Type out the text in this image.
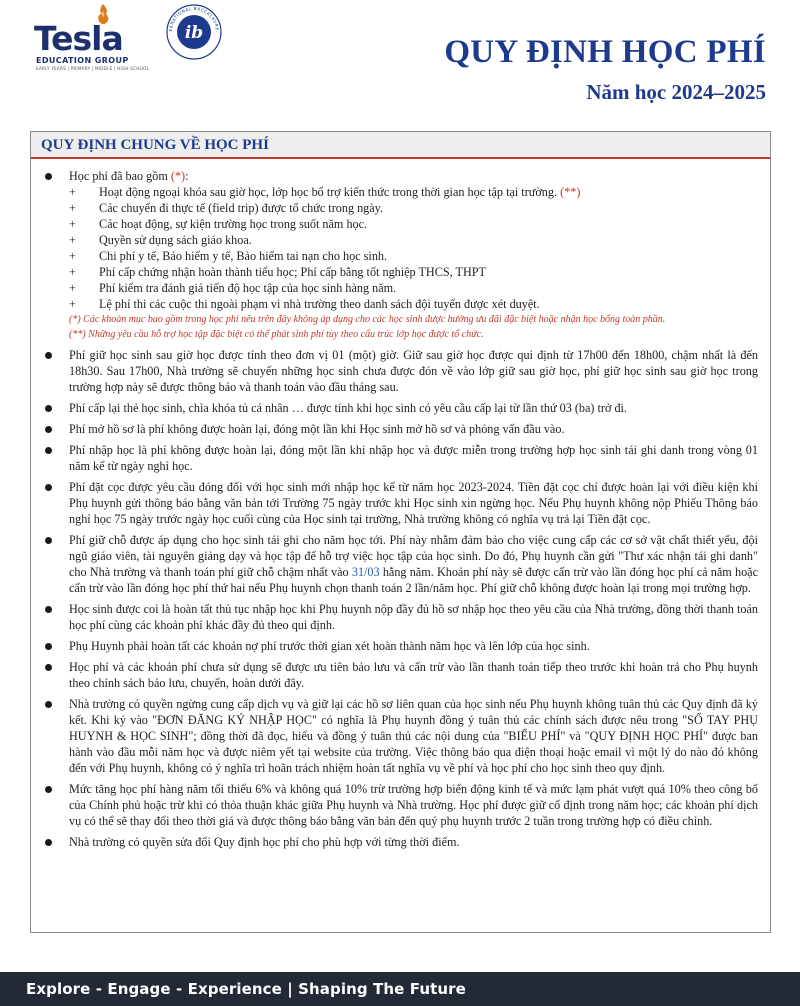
Tesla
EDUCATION GROUP
EARLY YEARS | PRIMARY | MIDDLE | HIGH SCHOOL
ib
ERNATIONAL BACCALAURE
QUY ĐỊNH HỌC PHÍ
Năm học 2024–2025
QUY ĐỊNH CHUNG VỀ HỌC PHÍ
Học phí đã bao gồm (*):
+	Hoạt động ngoại khóa sau giờ học, lớp học bổ trợ kiến thức trong thời gian học tập tại trường. (**)
+	Các chuyến đi thực tế (field trip) được tổ chức trong ngày.
+	Các hoạt động, sự kiện trường học trong suốt năm học.
+	Quyền sử dụng sách giáo khoa.
+	Chi phí y tế, Bảo hiểm y tế, Bảo hiểm tai nạn cho học sinh.
+	Phí cấp chứng nhận hoàn thành tiểu học; Phí cấp bằng tốt nghiệp THCS, THPT
+	Phí kiểm tra đánh giá tiến độ học tập của học sinh hàng năm.
+	Lệ phí thi các cuộc thi ngoài phạm vi nhà trường theo danh sách đội tuyển được xét duyệt.
(*) Các khoản mục bao gồm trong học phí nêu trên đây không áp dụng cho các học sinh được hưởng ưu đãi đặc biệt hoặc nhận học bổng toàn phần.
(**) Những yêu cầu hỗ trợ học tập đặc biệt có thể phát sinh phí tùy theo cấu trúc lớp học được tổ chức.
Phí giữ học sinh sau giờ học được tính theo đơn vị 01 (một) giờ. Giữ sau giờ học được qui định từ 17h00 đến 18h00, chậm nhất là đến 18h30. Sau 17h00, Nhà trường sẽ chuyển những học sinh chưa được đón về vào lớp giữ sau giờ học, phí giữ học sinh sau giờ học trong trường hợp này sẽ được thông báo và thanh toán vào đầu tháng sau.
Phí cấp lại thẻ học sinh, chìa khóa tủ cá nhân … được tính khi học sinh có yêu cầu cấp lại từ lần thứ 03 (ba) trở đi.
Phí mở hồ sơ là phí không được hoàn lại, đóng một lần khi Học sinh mở hồ sơ và phỏng vấn đầu vào.
Phí nhập học là phí không được hoàn lại, đóng một lần khi nhập học và được miễn trong trường hợp học sinh tái ghi danh trong vòng 01 năm kể từ ngày nghỉ học.
Phí đặt cọc được yêu cầu đóng đối với học sinh mới nhập học kể từ năm học 2023-2024. Tiền đặt cọc chỉ được hoàn lại với điều kiện khi Phụ huynh gửi thông báo bằng văn bản tới Trường 75 ngày trước khi Học sinh xin ngừng học. Nếu Phụ huynh không nộp Phiếu Thông báo nghỉ học 75 ngày trước ngày học cuối cùng của Học sinh tại trường, Nhà trường không có nghĩa vụ trả lại Tiền đặt cọc.
Phí giữ chỗ được áp dụng cho học sinh tái ghi cho năm học tới. Phí này nhằm đảm bảo cho việc cung cấp các cơ sở vật chất thiết yếu, đội ngũ giáo viên, tài nguyên giảng dạy và học tập để hỗ trợ việc học tập của học sinh. Do đó, Phụ huynh cần gửi "Thư xác nhận tái ghi danh" cho Nhà trường và thanh toán phí giữ chỗ chậm nhất vào 31/03 hằng năm. Khoản phí này sẽ được cấn trừ vào lần đóng học phí cả năm hoặc cấn trừ vào lần đóng học phí thứ hai nếu Phụ huynh chọn thanh toán 2 lần/năm học. Phí giữ chỗ không được hoàn lại trong mọi trường hợp.
Học sinh được coi là hoàn tất thủ tục nhập học khi Phụ huynh nộp đầy đủ hồ sơ nhập học theo yêu cầu của Nhà trường, đồng thời thanh toán học phí cùng các khoản phí khác đầy đủ theo qui định.
Phụ Huynh phải hoàn tất các khoản nợ phí trước thời gian xét hoàn thành năm học và lên lớp của học sinh.
Học phí và các khoản phí chưa sử dụng sẽ được ưu tiên bảo lưu và cấn trừ vào lần thanh toán tiếp theo trước khi hoàn trả cho Phụ huynh theo chính sách bảo lưu, chuyển, hoàn dưới đây.
Nhà trường có quyền ngừng cung cấp dịch vụ và giữ lại các hồ sơ liên quan của học sinh nếu Phụ huynh không tuân thủ các Quy định đã ký kết. Khi ký vào "ĐƠN ĐĂNG KÝ NHẬP HỌC" có nghĩa là Phụ huynh đồng ý tuân thủ các chính sách được nêu trong "SỔ TAY PHỤ HUYNH & HỌC SINH"; đồng thời đã đọc, hiểu và đồng ý tuân thủ các nội dung của "BIỂU PHÍ" và "QUY ĐỊNH HỌC PHÍ" được ban hành vào đầu mỗi năm học và được niêm yết tại website của trường. Việc thông báo qua điện thoại hoặc email vì một lý do nào đó không đến với Phụ huynh, không có ý nghĩa trì hoãn trách nhiệm hoàn tất nghĩa vụ về phí và học phí cho học sinh theo quy định.
Mức tăng học phí hàng năm tối thiểu 6% và không quá 10% trừ trường hợp biến động kinh tế và mức lạm phát vượt quá 10% theo công bố của Chính phủ hoặc trừ khi có thỏa thuận khác giữa Phụ huynh và Nhà trường. Học phí được giữ cố định trong năm học; các khoản phí dịch vụ có thể sẽ thay đổi theo thời giá và được thông báo bằng văn bản đến quý phụ huynh trước 2 tuần trong trường hợp có điều chỉnh.
Nhà trường có quyền sửa đổi Quy định học phí cho phù hợp với từng thời điểm.
Explore - Engage - Experience | Shaping The Future
